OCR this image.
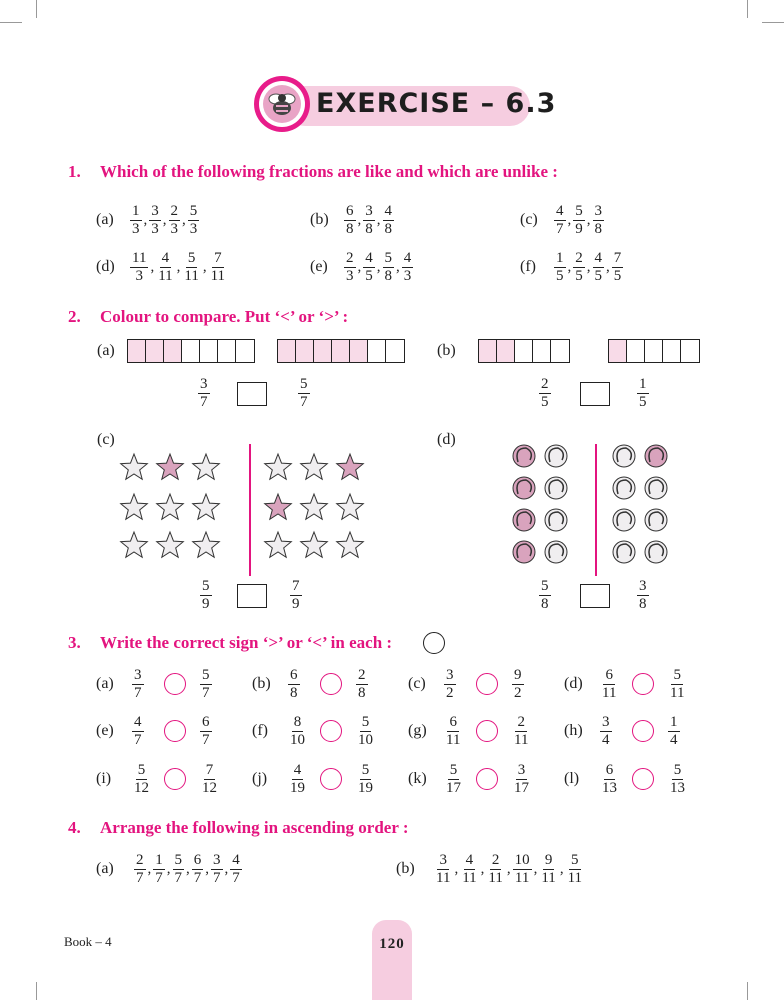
EXERCISE – 6.3
1. Which of the following fractions are like and which are unlike :
$(a) \frac{1}{3}$ , $\frac{3}{3}$ , $\frac{2}{3}$ , $\frac{5}{3}$	$(b) \frac{6}{8}$ , $\frac{3}{8}$ , $\frac{4}{8}$	$(c) \frac{4}{7}$ , $\frac{5}{9}$ , $\frac{3}{8}$
$(d) \frac{11}{3}$ , $\frac{4}{11}$ , $\frac{5}{11}$ , $\frac{7}{11}$	$(e) \frac{2}{3}$ , $\frac{4}{5}$ , $\frac{5}{8}$ , $\frac{4}{3}$	$(f) \frac{1}{5}$ , $\frac{2}{5}$ , $\frac{4}{5}$ , $\frac{7}{5}$
2. Colour to compare. Put ‘<’ or ‘>’ :
(a)
$\frac{3}{7}$	$\frac{5}{7}$
(b)
$\frac{2}{5}$	$\frac{1}{5}$
(c)
$\frac{5}{9}$	$\frac{7}{9}$
(d)
$\frac{5}{8}$	$\frac{3}{8}$
3. Write the correct sign ‘>’ or ‘<’ in each :
$(a) \frac{3}{7}$	$\frac{5}{7}$	$(b) \frac{6}{8}$	$\frac{2}{8}$	$(c) \frac{3}{2}$	$\frac{9}{2}$	$(d) \frac{6}{11}$	$\frac{5}{11}$
$(e) \frac{4}{7}$	$\frac{6}{7}$	$(f) \frac{8}{10}$	$\frac{5}{10} (g) \frac{6}{11}$	$\frac{2}{11} (h) \frac{3}{4}$	$\frac{1}{4}$
$(i) \frac{5}{12}$	$\frac{7}{12} (j) \frac{4}{19}$	$\frac{5}{19} (k) \frac{5}{17}$	$\frac{3}{17} (l) \frac{6}{13}$	$\frac{5}{13}$
4. Arrange the following in ascending order :
$(a) \frac{2}{7}$ , $\frac{1}{7}$ , $\frac{5}{7}$ , $\frac{6}{7}$ , $\frac{3}{7}$ , $\frac{4}{7}$	$(b) \frac{3}{11}$ , $\frac{4}{11}$ , $\frac{2}{11}$ , $\frac{10}{11}$ , $\frac{9}{11}$ , $\frac{5}{11}$
Book – 4	120
